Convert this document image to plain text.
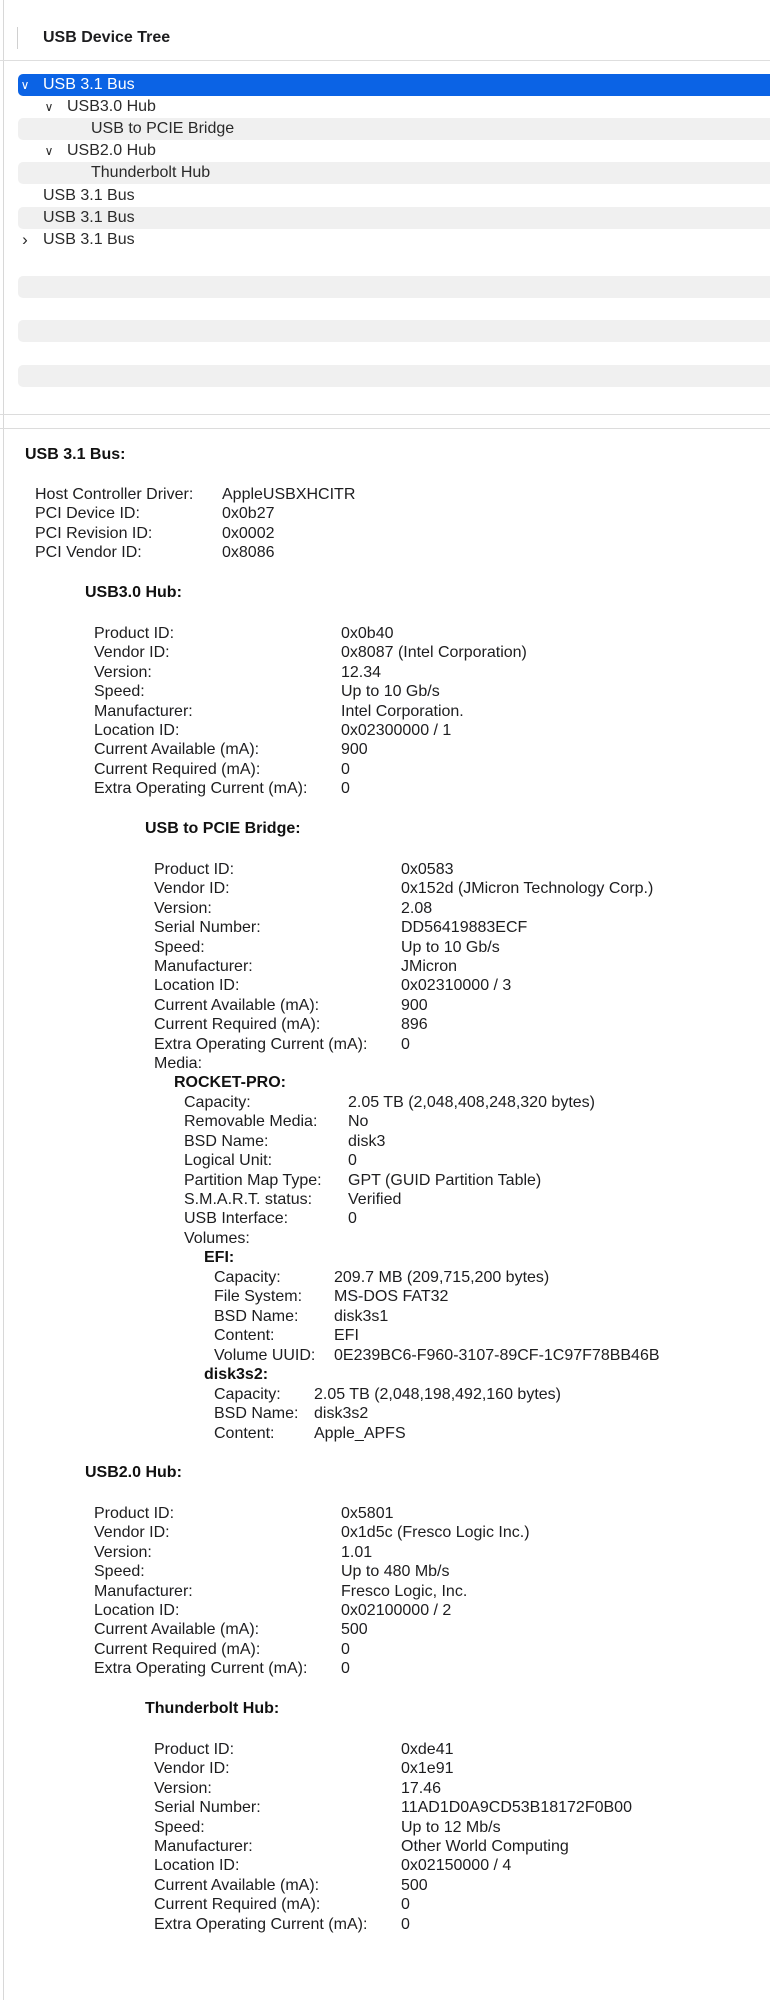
USB Device Tree
∨ USB 3.1 Bus
∨ USB3.0 Hub
USB to PCIE Bridge
∨ USB2.0 Hub
Thunderbolt Hub
USB 3.1 Bus
USB 3.1 Bus
› USB 3.1 Bus
USB 3.1 Bus:
Host Controller Driver: AppleUSBXHCITR
PCI Device ID:	0x0b27
PCI Revision ID:	0x0002
PCI Vendor ID:	0x8086
USB3.0 Hub:
Product ID:	0x0b40
Vendor ID:	0x8087 (Intel Corporation)
Version:	12.34
Speed:	Up to 10 Gb/s
Manufacturer:	Intel Corporation.
Location ID:	0x02300000 / 1
Current Available (mA):	900
Current Required (mA):	0
Extra Operating Current (mA): 0
USB to PCIE Bridge:
Product ID:	0x0583
Vendor ID:	0x152d (JMicron Technology Corp.)
Version:	2.08
Serial Number:	DD56419883ECF
Speed:	Up to 10 Gb/s
Manufacturer:	JMicron
Location ID:	0x02310000 / 3
Current Available (mA):	900
Current Required (mA):	896
Extra Operating Current (mA): 0
Media:
ROCKET-PRO:
Capacity:	2.05 TB (2,048,408,248,320 bytes)
Removable Media: No
BSD Name:	disk3
Logical Unit:	0
Partition Map Type: GPT (GUID Partition Table)
S.M.A.R.T. status: Verified
USB Interface:	0
Volumes:
EFI:
Capacity:	209.7 MB (209,715,200 bytes)
File System: MS-DOS FAT32
BSD Name: disk3s1
Content:	EFI
Volume UUID: 0E239BC6-F960-3107-89CF-1C97F78BB46B
disk3s2:
Capacity: 2.05 TB (2,048,198,492,160 bytes)
BSD Name: disk3s2
Content: Apple_APFS
USB2.0 Hub:
Product ID:	0x5801
Vendor ID:	0x1d5c (Fresco Logic Inc.)
Version:	1.01
Speed:	Up to 480 Mb/s
Manufacturer:	Fresco Logic, Inc.
Location ID:	0x02100000 / 2
Current Available (mA):	500
Current Required (mA):	0
Extra Operating Current (mA): 0
Thunderbolt Hub:
Product ID:	0xde41
Vendor ID:	0x1e91
Version:	17.46
Serial Number:	11AD1D0A9CD53B18172F0B00
Speed:	Up to 12 Mb/s
Manufacturer:	Other World Computing
Location ID:	0x02150000 / 4
Current Available (mA):	500
Current Required (mA):	0
Extra Operating Current (mA): 0
